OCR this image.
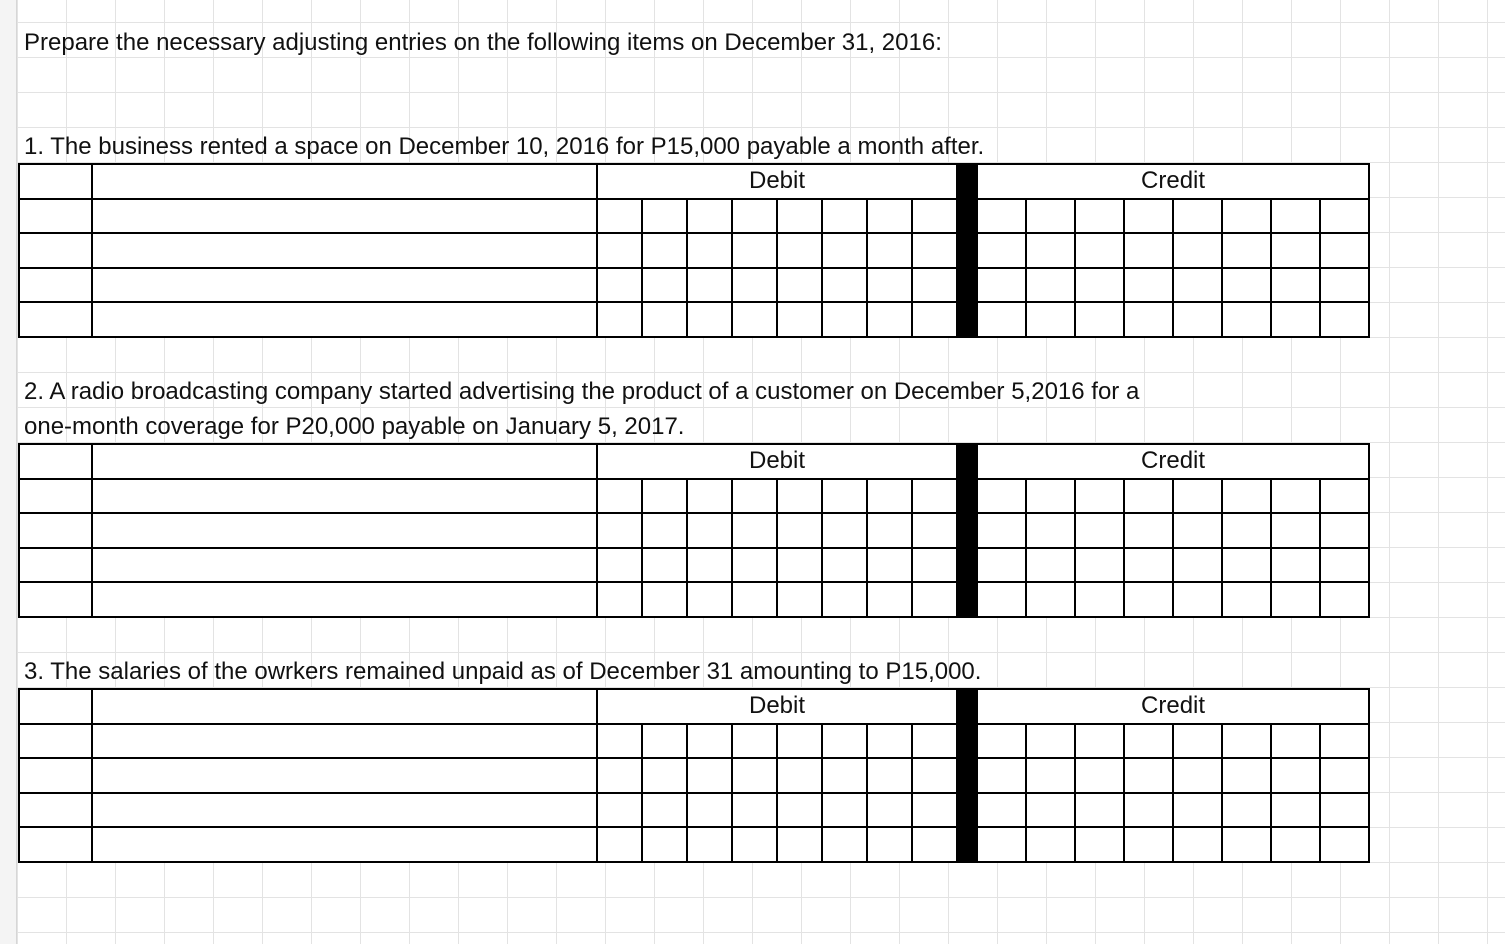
Prepare the necessary adjusting entries on the following items on December 31, 2016:
1. The business rented a space on December 10, 2016 for P15,000 payable a month after.
		Debit									Credit							

2. A radio broadcasting company started advertising the product of a customer on December 5,2016 for a
one-month coverage for P20,000 payable on January 5, 2017.
		Debit									Credit							

3. The salaries of the owrkers remained unpaid as of December 31 amounting to P15,000.
		Debit									Credit							
